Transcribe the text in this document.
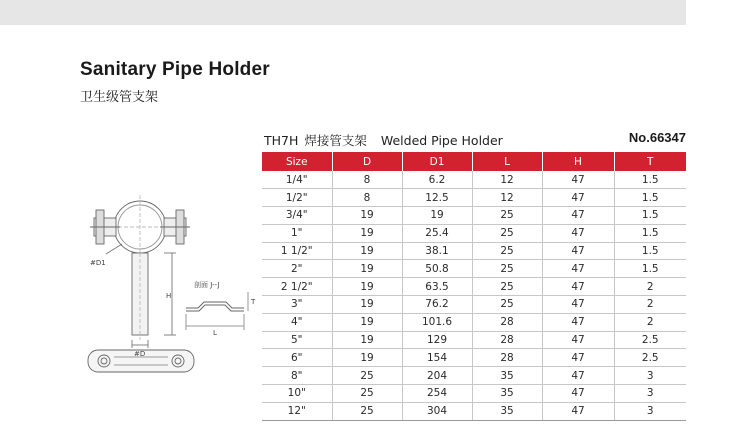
Sanitary Pipe Holder
卫生级管支架
#D1
#D
H
T
L
剖面 J--J
TH7H 焊接管支架 Welded Pipe Holder	No.66347
Size	D	D1	L	H	T
1/4"	8	6.2	12	47	1.5
1/2"	8	12.5	12	47	1.5
3/4"	19	19	25	47	1.5
1"	19	25.4	25	47	1.5
1 1/2"	19	38.1	25	47	1.5
2"	19	50.8	25	47	1.5
2 1/2"	19	63.5	25	47	2
3"	19	76.2	25	47	2
4"	19	101.6	28	47	2
5"	19	129	28	47	2.5
6"	19	154	28	47	2.5
8"	25	204	35	47	3
10"	25	254	35	47	3
12"	25	304	35	47	3
